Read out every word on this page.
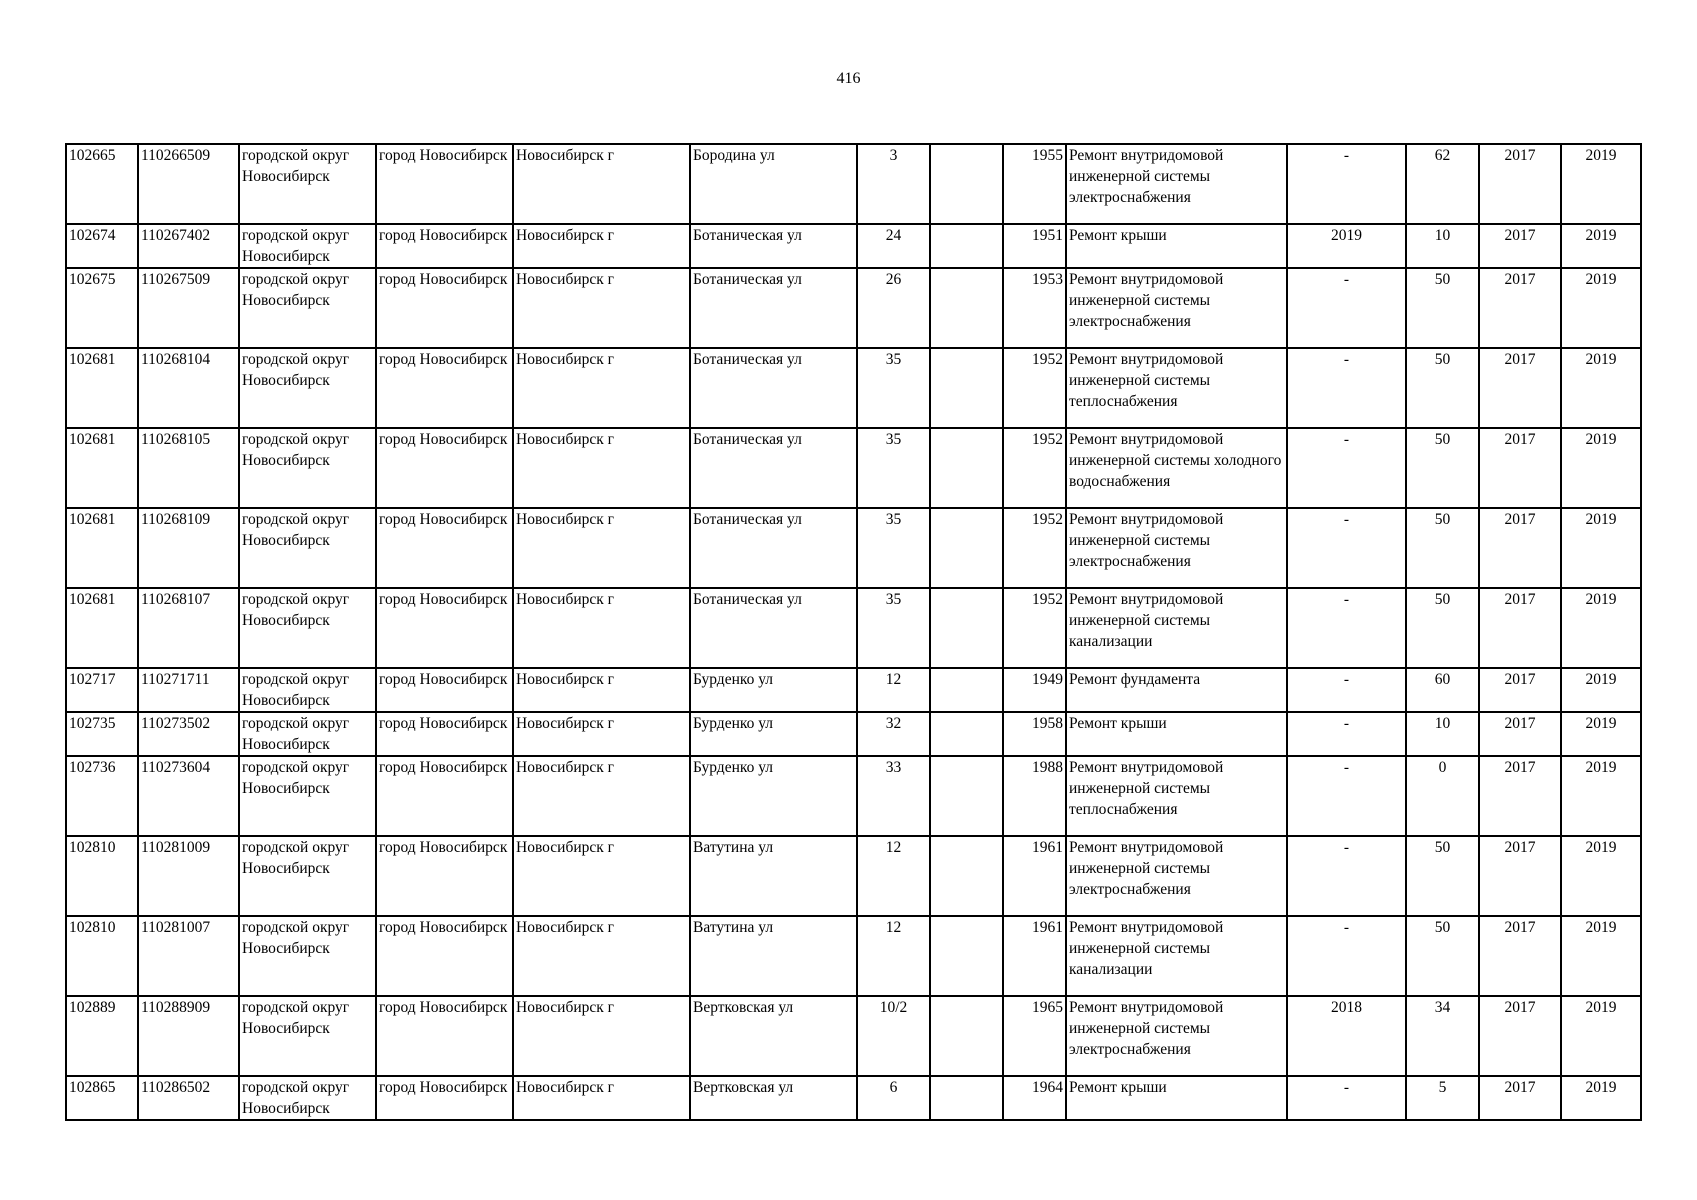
416
102665	110266509	городской округ Новосибирск	город Новосибирск	Новосибирск г	Бородина ул	3		1955	Ремонт внутридомовой инженерной системы электроснабжения	-	62	2017	2019
102674	110267402	городской округ Новосибирск	город Новосибирск	Новосибирск г	Ботаническая ул	24		1951	Ремонт крыши	2019	10	2017	2019
102675	110267509	городской округ Новосибирск	город Новосибирск	Новосибирск г	Ботаническая ул	26		1953	Ремонт внутридомовой инженерной системы электроснабжения	-	50	2017	2019
102681	110268104	городской округ Новосибирск	город Новосибирск	Новосибирск г	Ботаническая ул	35		1952	Ремонт внутридомовой инженерной системы теплоснабжения	-	50	2017	2019
102681	110268105	городской округ Новосибирск	город Новосибирск	Новосибирск г	Ботаническая ул	35		1952	Ремонт внутридомовой инженерной системы холодного водоснабжения	-	50	2017	2019
102681	110268109	городской округ Новосибирск	город Новосибирск	Новосибирск г	Ботаническая ул	35		1952	Ремонт внутридомовой инженерной системы электроснабжения	-	50	2017	2019
102681	110268107	городской округ Новосибирск	город Новосибирск	Новосибирск г	Ботаническая ул	35		1952	Ремонт внутридомовой инженерной системы канализации	-	50	2017	2019
102717	110271711	городской округ Новосибирск	город Новосибирск	Новосибирск г	Бурденко ул	12		1949	Ремонт фундамента	-	60	2017	2019
102735	110273502	городской округ Новосибирск	город Новосибирск	Новосибирск г	Бурденко ул	32		1958	Ремонт крыши	-	10	2017	2019
102736	110273604	городской округ Новосибирск	город Новосибирск	Новосибирск г	Бурденко ул	33		1988	Ремонт внутридомовой инженерной системы теплоснабжения	-	0	2017	2019
102810	110281009	городской округ Новосибирск	город Новосибирск	Новосибирск г	Ватутина ул	12		1961	Ремонт внутридомовой инженерной системы электроснабжения	-	50	2017	2019
102810	110281007	городской округ Новосибирск	город Новосибирск	Новосибирск г	Ватутина ул	12		1961	Ремонт внутридомовой инженерной системы канализации	-	50	2017	2019
102889	110288909	городской округ Новосибирск	город Новосибирск	Новосибирск г	Вертковская ул	10/2		1965	Ремонт внутридомовой инженерной системы электроснабжения	2018	34	2017	2019
102865	110286502	городской округ Новосибирск	город Новосибирск	Новосибирск г	Вертковская ул	6		1964	Ремонт крыши	-	5	2017	2019
